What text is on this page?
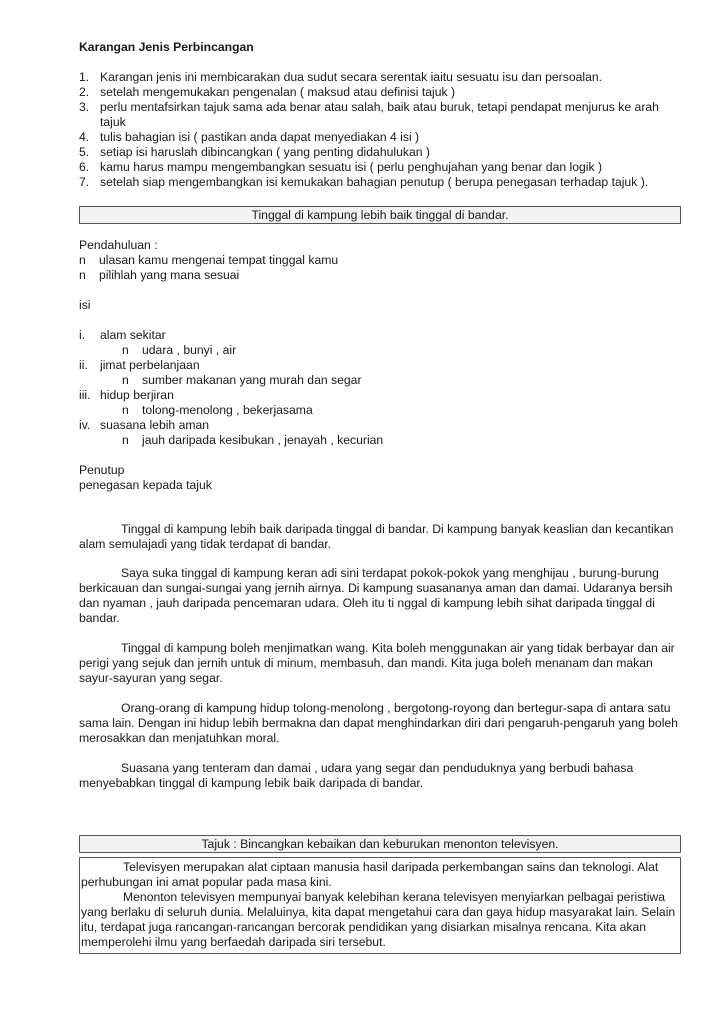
Karangan Jenis Perbincangan
1. Karangan jenis ini membicarakan dua sudut secara serentak iaitu sesuatu isu dan persoalan.
2. setelah mengemukakan pengenalan ( maksud atau definisi tajuk )
3. perlu mentafsirkan tajuk sama ada benar atau salah, baik atau buruk, tetapi pendapat menjurus ke arah tajuk
4. tulis bahagian isi ( pastikan anda dapat menyediakan 4 isi )
5. setiap isi haruslah dibincangkan ( yang penting didahulukan )
6. kamu harus mampu mengembangkan sesuatu isi ( perlu penghujahan yang benar dan logik )
7. setelah siap mengembangkan isi kemukakan bahagian penutup ( berupa penegasan terhadap tajuk ).
Tinggal di kampung lebih baik tinggal di bandar.
Pendahuluan :
n	ulasan kamu mengenai tempat tinggal kamu
n	pilihlah yang mana sesuai
isi
i.	alam sekitar
n	udara , bunyi , air
ii. jimat perbelanjaan
n	sumber makanan yang murah dan segar
iii. hidup berjiran
n	tolong-menolong , bekerjasama
iv. suasana lebih aman
n	jauh daripada kesibukan , jenayah , kecurian
Penutup
penegasan kepada tajuk

Tinggal di kampung lebih baik daripada tinggal di bandar. Di kampung banyak keaslian dan kecantikan alam semulajadi yang tidak terdapat di bandar.

Saya suka tinggal di kampung keran adi sini terdapat pokok-pokok yang menghijau , burung-burung berkicauan dan sungai-sungai yang jernih airnya. Di kampung suasananya aman dan damai. Udaranya bersih dan nyaman , jauh daripada pencemaran udara. Oleh itu ti nggal di kampung lebih sihat daripada tinggal di bandar.

Tinggal di kampung boleh menjimatkan wang. Kita boleh menggunakan air yang tidak berbayar dan air perigi yang sejuk dan jernih untuk di minum, membasuh, dan mandi. Kita juga boleh menanam dan makan sayur-sayuran yang segar.

Orang-orang di kampung hidup tolong-menolong , bergotong-royong dan bertegur-sapa di antara satu sama lain. Dengan ini hidup lebih bermakna dan dapat menghindarkan diri dari pengaruh-pengaruh yang boleh merosakkan dan menjatuhkan moral.

Suasana yang tenteram dan damai , udara yang segar dan penduduknya yang berbudi bahasa menyebabkan tinggal di kampung lebik baik daripada di bandar.

Tajuk : Bincangkan kebaikan dan keburukan menonton televisyen.

Televisyen merupakan alat ciptaan manusia hasil daripada perkembangan sains dan teknologi. Alat perhubungan ini amat popular pada masa kini.

Menonton televisyen mempunyai banyak kelebihan kerana televisyen menyiarkan pelbagai peristiwa yang berlaku di seluruh dunia. Melaluinya, kita dapat mengetahui cara dan gaya hidup masyarakat lain. Selain itu, terdapat juga rancangan-rancangan bercorak pendidikan yang disiarkan misalnya rencana. Kita akan memperolehi ilmu yang berfaedah daripada siri tersebut.
